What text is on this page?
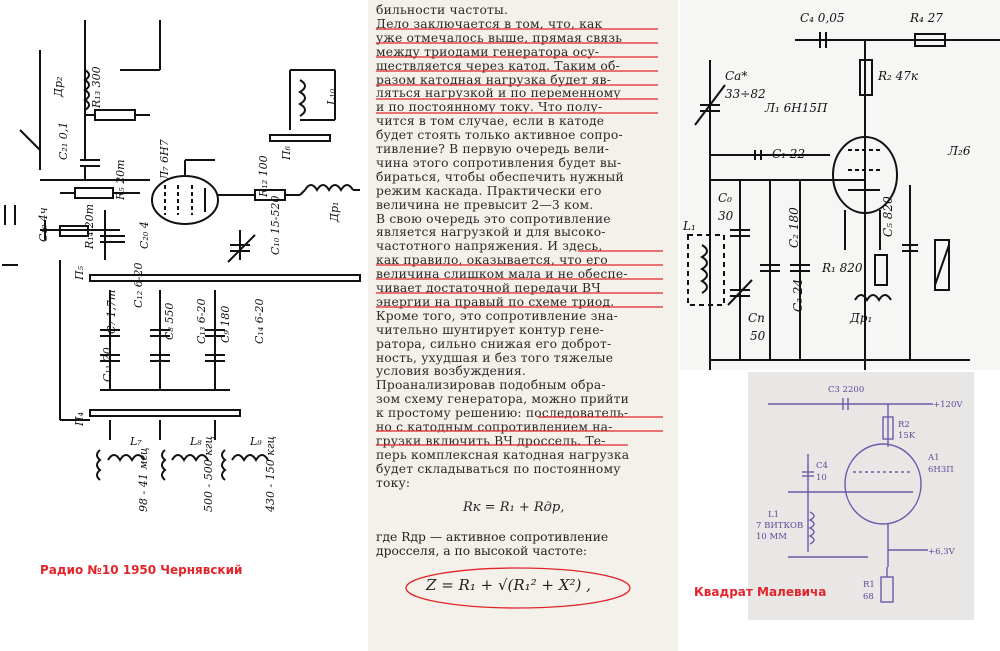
Др₂ R₁₃ 300
C₂₁ 0,1
R₅ 20т	Л₇ 6Н7	R₁₂ 100
П₆
L₁₀
Др₁
C₁₉ 4ч	R₁₄ 20т	C₂₀ 4	C₁₀ 15-520
П₅
C₇ 1,7т
C₁₂ 6-20
C₈ 550 C₁₃ 6-20 C₉ 180 C₁₄ 6-20
C₁₁ 20
П₄
L₇	L₈	L₉
98 - 41 мгц	500 - 500 кгц	430 - 150 кгц
Радио №10 1950 Чернявский
бильности частоты.
Дело заключается в том, что, как
уже отмечалось выше, прямая связь
между триодами генератора осу-
ществляется через катод. Таким об-
разом катодная нагрузка будет яв-
ляться нагрузкой и по переменному
и по постоянному току. Что полу-
чится в том случае, если в катоде
будет стоять только активное сопро-
тивление? В первую очередь вели-
чина этого сопротивления будет вы-
бираться, чтобы обеспечить нужный
режим каскада. Практически его
величина не превысит 2—3 ком.
В свою очередь это сопротивление
является нагрузкой и для высоко-
частотного напряжения. И здесь,
как правило, оказывается, что его
величина слишком мала и не обеспе-
чивает достаточной передачи ВЧ
энергии на правый по схеме триод.
Кроме того, это сопротивление зна-
чительно шунтирует контур гене-
ратора, сильно снижая его доброт-
ность, ухудшая и без того тяжелые
условия возбуждения.
Проанализировав подобным обра-
зом схему генератора, можно прийти
к простому решению: последователь-
но с катодным сопротивлением на-
грузки включить ВЧ дроссель. Те-
перь комплексная катодная нагрузка
будет складываться по постоянному
току:
Rк = R₁ + Rдр,
где Rдр — активное сопротивление
дросселя, а по высокой частоте:
Z = R₁ + √(R₁² + X²) ,
C₄ 0,05	R₄ 27
Cа*
33÷82
R₂ 47к
Л₁ 6Н15П
Л₂6
C₁ 22
C₀
30
L₁	C₂ 180
C₃ 24
R₁ 820
C₅ 820
Cп
50
Др₁
C3 2200
+120V
R2
15K
C4
10
A1
6Н3П
L1
7 ВИТКОВ
10 ММ
+6,3V
R1
68
Квадрат Малевича
